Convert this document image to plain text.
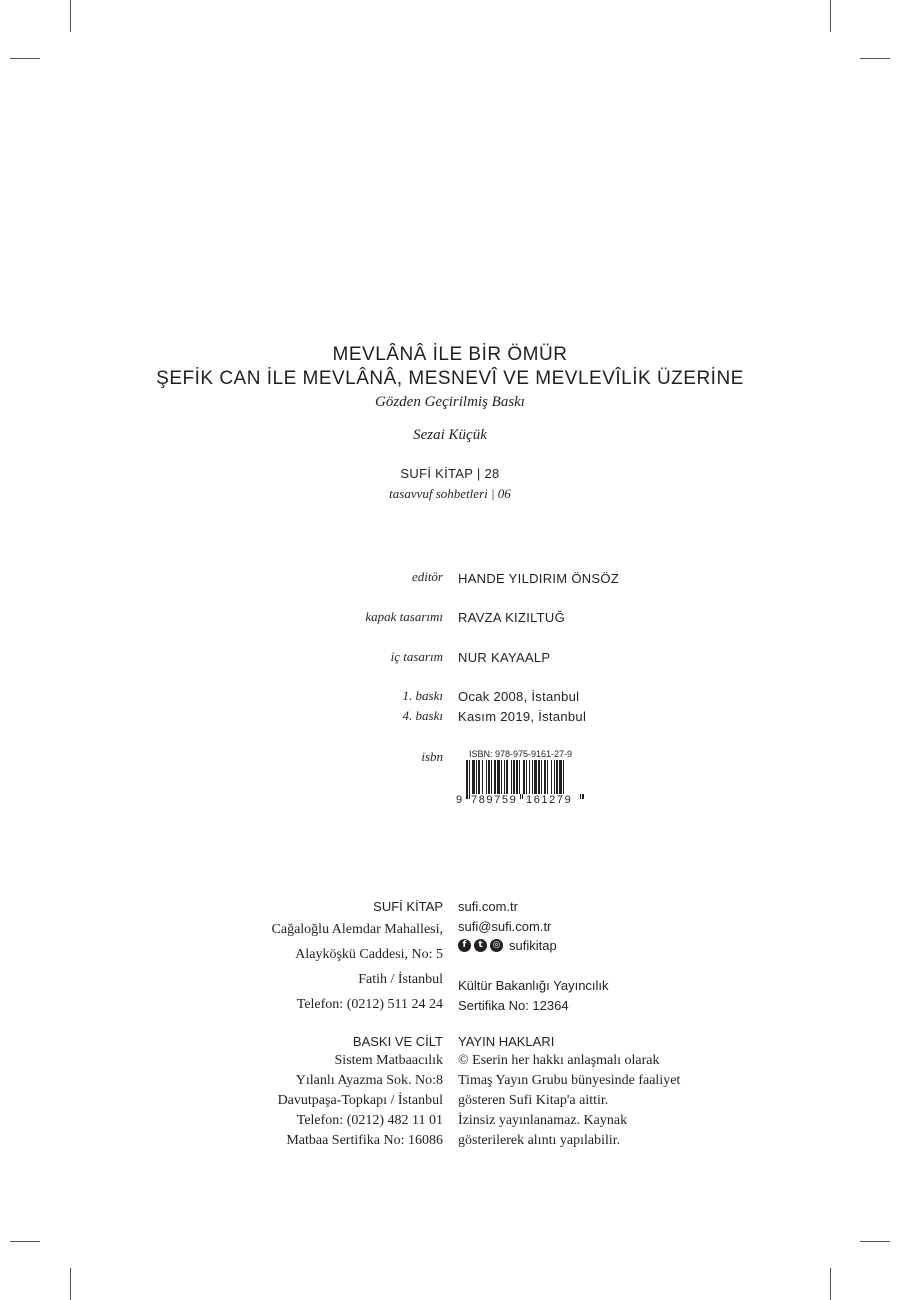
MEVLÂNÂ İLE BİR ÖMÜR
ŞEFİK CAN İLE MEVLÂNÂ, MESNEVÎ VE MEVLEVÎLİK ÜZERİNE
Gözden Geçirilmiş Baskı
Sezai Küçük
SUFİ KİTAP | 28
tasavvuf sohbetleri | 06
editör HANDE YILDIRIM ÖNSÖZ
kapak tasarımı RAVZA KIZILTUĞ
iç tasarım NUR KAYAALP
1. baskı Ocak 2008, İstanbul
4. baskı Kasım 2019, İstanbul
isbn	ISBN: 978-975-9161-27-9
9 789759 161279
SUFİ KİTAP
Cağaloğlu Alemdar Mahallesi,
Alayköşkü Caddesi, No: 5
Fatih / İstanbul
Telefon: (0212) 511 24 24
sufi.com.tr
sufi@sufi.com.tr
f	t	◎ sufikitap
Kültür Bakanlığı Yayıncılık
Sertifika No: 12364
BASKI VE CİLT
Sistem Matbaacılık
Yılanlı Ayazma Sok. No:8
Davutpaşa-Topkapı / İstanbul
Telefon: (0212) 482 11 01
Matbaa Sertifika No: 16086
YAYIN HAKLARI
© Eserin her hakkı anlaşmalı olarak
Timaş Yayın Grubu bünyesinde faaliyet
gösteren Sufi Kitap'a aittir.
İzinsiz yayınlanamaz. Kaynak
gösterilerek alıntı yapılabilir.
